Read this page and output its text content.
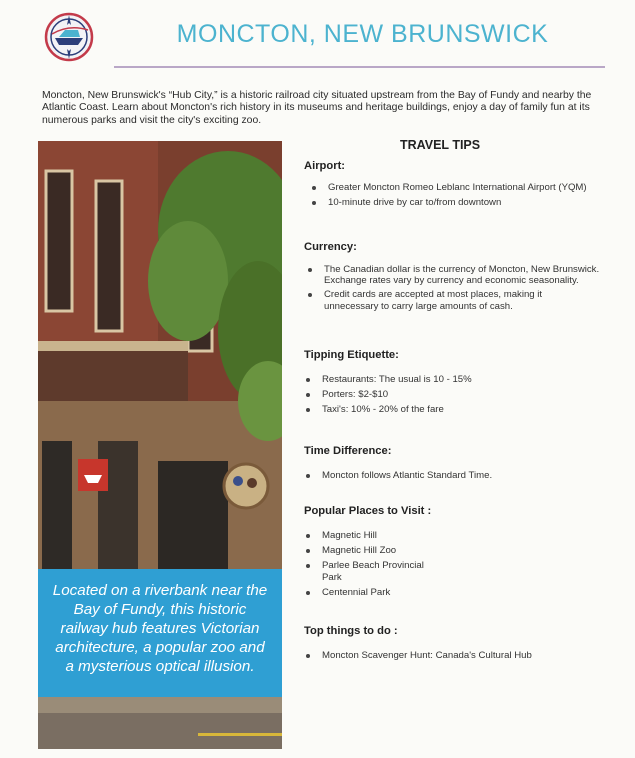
MONCTON, NEW BRUNSWICK
Moncton, New Brunswick's “Hub City,” is a historic railroad city situated upstream from the Bay of Fundy and nearby the Atlantic Coast. Learn about Moncton's rich history in its museums and heritage buildings, enjoy a day of family fun at its numerous parks and visit the city's exciting zoo.
Located on a riverbank near the
Bay of Fundy, this historic
railway hub features Victorian
architecture, a popular zoo and
a mysterious optical illusion.
TRAVEL TIPS
Airport:
Greater Moncton Romeo Leblanc International Airport (YQM)
10-minute drive by car to/from downtown
Currency:
The Canadian dollar is the currency of Moncton, New Brunswick. Exchange rates vary by currency and economic seasonality.
Credit cards are accepted at most places, making it unnecessary to carry large amounts of cash.
Tipping Etiquette:
Restaurants: The usual is 10 - 15%
Porters: $2-$10
Taxi's: 10% - 20% of the fare
Time Difference:
Moncton follows Atlantic Standard Time.
Popular Places to Visit :
Magnetic Hill
Magnetic Hill Zoo
Parlee Beach Provincial Park
Centennial Park
Top things to do :
Moncton Scavenger Hunt: Canada's Cultural Hub
